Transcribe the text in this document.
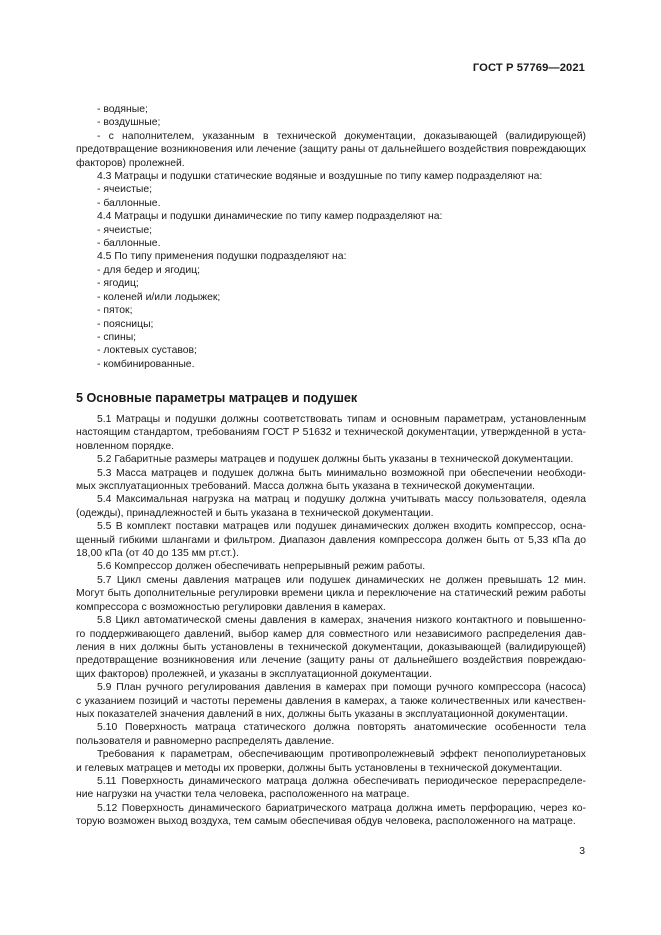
ГОСТ Р 57769—2021
- водяные;
- воздушные;
- с наполнителем, указанным в технической документации, доказывающей (валидирующей)
предотвращение возникновения или лечение (защиту раны от дальнейшего воздействия повреждающих
факторов) пролежней.
4.3 Матрацы и подушки статические водяные и воздушные по типу камер подразделяют на:
- ячеистые;
- баллонные.
4.4 Матрацы и подушки динамические по типу камер подразделяют на:
- ячеистые;
- баллонные.
4.5 По типу применения подушки подразделяют на:
- для бедер и ягодиц;
- ягодиц;
- коленей и/или лодыжек;
- пяток;
- поясницы;
- спины;
- локтевых суставов;
- комбинированные.
5 Основные параметры матрацев и подушек
5.1 Матрацы и подушки должны соответствовать типам и основным параметрам, установленным
настоящим стандартом, требованиям ГОСТ Р 51632 и технической документации, утвержденной в уста-
новленном порядке.
5.2 Габаритные размеры матрацев и подушек должны быть указаны в технической документации.
5.3 Масса матрацев и подушек должна быть минимально возможной при обеспечении необходи-
мых эксплуатационных требований. Масса должна быть указана в технической документации.
5.4 Максимальная нагрузка на матрац и подушку должна учитывать массу пользователя, одеяла
(одежды), принадлежностей и быть указана в технической документации.
5.5 В комплект поставки матрацев или подушек динамических должен входить компрессор, осна-
щенный гибкими шлангами и фильтром. Диапазон давления компрессора должен быть от 5,33 кПа до
18,00 кПа (от 40 до 135 мм рт.ст.).
5.6 Компрессор должен обеспечивать непрерывный режим работы.
5.7 Цикл смены давления матрацев или подушек динамических не должен превышать 12 мин.
Могут быть дополнительные регулировки времени цикла и переключение на статический режим работы
компрессора с возможностью регулировки давления в камерах.
5.8 Цикл автоматической смены давления в камерах, значения низкого контактного и повышенно-
го поддерживающего давлений, выбор камер для совместного или независимого распределения дав-
ления в них должны быть установлены в технической документации, доказывающей (валидирующей)
предотвращение возникновения или лечение (защиту раны от дальнейшего воздействия повреждаю-
щих факторов) пролежней, и указаны в эксплуатационной документации.
5.9 План ручного регулирования давления в камерах при помощи ручного компрессора (насоса)
с указанием позиций и частоты перемены давления в камерах, а также количественных или качествен-
ных показателей значения давлений в них, должны быть указаны в эксплуатационной документации.
5.10 Поверхность матраца статического должна повторять анатомические особенности тела
пользователя и равномерно распределять давление.
Требования к параметрам, обеспечивающим противопролежневый эффект пенополиуретановых
и гелевых матрацев и методы их проверки, должны быть установлены в технической документации.
5.11 Поверхность динамического матраца должна обеспечивать периодическое перераспределе-
ние нагрузки на участки тела человека, расположенного на матраце.
5.12 Поверхность динамического бариатрического матраца должна иметь перфорацию, через ко-
торую возможен выход воздуха, тем самым обеспечивая обдув человека, расположенного на матраце.
3
